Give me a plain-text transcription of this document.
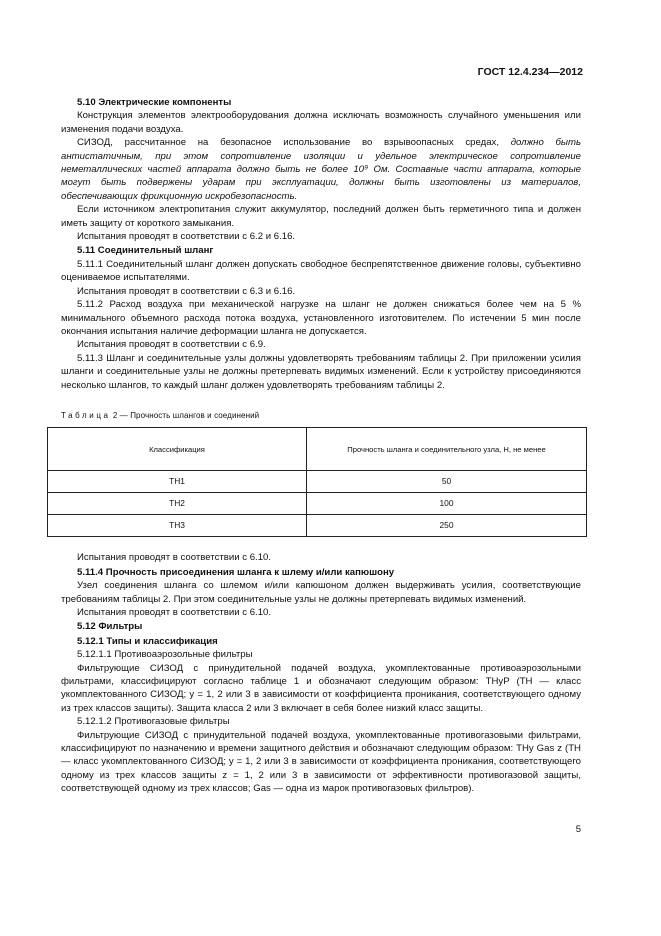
ГОСТ 12.4.234—2012

5.10 Электрические компоненты

Конструкция элементов электрооборудования должна исключать возможность случайного уменьшения или изменения подачи воздуха.

СИЗОД, рассчитанное на безопасное использование во взрывоопасных средах, должно быть антистатичным, при этом сопротивление изоляции и удельное электрическое сопротивление неметаллических частей аппарата должно быть не более 10⁹ Ом. Составные части аппарата, которые могут быть подвержены ударам при эксплуатации, должны быть изготовлены из материалов, обеспечивающих фрикционную искробезопасность.

Если источником электропитания служит аккумулятор, последний должен быть герметичного типа и должен иметь защиту от короткого замыкания.

Испытания проводят в соответствии с 6.2 и 6.16.

5.11 Соединительный шланг

5.11.1 Соединительный шланг должен допускать свободное беспрепятственное движение головы, субъективно оцениваемое испытателями.

Испытания проводят в соответствии с 6.3 и 6.16.

5.11.2 Расход воздуха при механической нагрузке на шланг не должен снижаться более чем на 5 % минимального объемного расхода потока воздуха, установленного изготовителем. По истечении 5 мин после окончания испытания наличие деформации шланга не допускается.

Испытания проводят в соответствии с 6.9.

5.11.3 Шланг и соединительные узлы должны удовлетворять требованиям таблицы 2. При приложении усилия шланги и соединительные узлы не должны претерпевать видимых изменений. Если к устройству присоединяются несколько шлангов, то каждый шланг должен удовлетворять требованиям таблицы 2.

Таблица 2 — Прочность шлангов и соединений

Классификация	Прочность шланга и соединительного узла, Н, не менее
ТН1	50
ТН2	100
ТН3	250

Испытания проводят в соответствии с 6.10.

5.11.4 Прочность присоединения шланга к шлему и/или капюшону

Узел соединения шланга со шлемом и/или капюшоном должен выдерживать усилия, соответствующие требованиям таблицы 2. При этом соединительные узлы не должны претерпевать видимых изменений.

Испытания проводят в соответствии с 6.10.

5.12 Фильтры

5.12.1 Типы и классификация

5.12.1.1 Противоаэрозольные фильтры

Фильтрующие СИЗОД с принудительной подачей воздуха, укомплектованные противоаэрозольными фильтрами, классифицируют согласно таблице 1 и обозначают следующим образом: THyP (TH — класс укомплектованного СИЗОД; y = 1, 2 или 3 в зависимости от коэффициента проникания, соответствующего одному из трех классов защиты). Защита класса 2 или 3 включает в себя более низкий класс защиты.

5.12.1.2 Противогазовые фильтры

Фильтрующие СИЗОД с принудительной подачей воздуха, укомплектованные противогазовыми фильтрами, классифицируют по назначению и времени защитного действия и обозначают следующим образом: THy Gas z (TH — класс укомплектованного СИЗОД; y = 1, 2 или 3 в зависимости от коэффициента проникания, соответствующего одному из трех классов защиты z = 1, 2 или 3 в зависимости от эффективности противогазовой защиты, соответствующей одному из трех классов; Gas — одна из марок противогазовых фильтров).

5
